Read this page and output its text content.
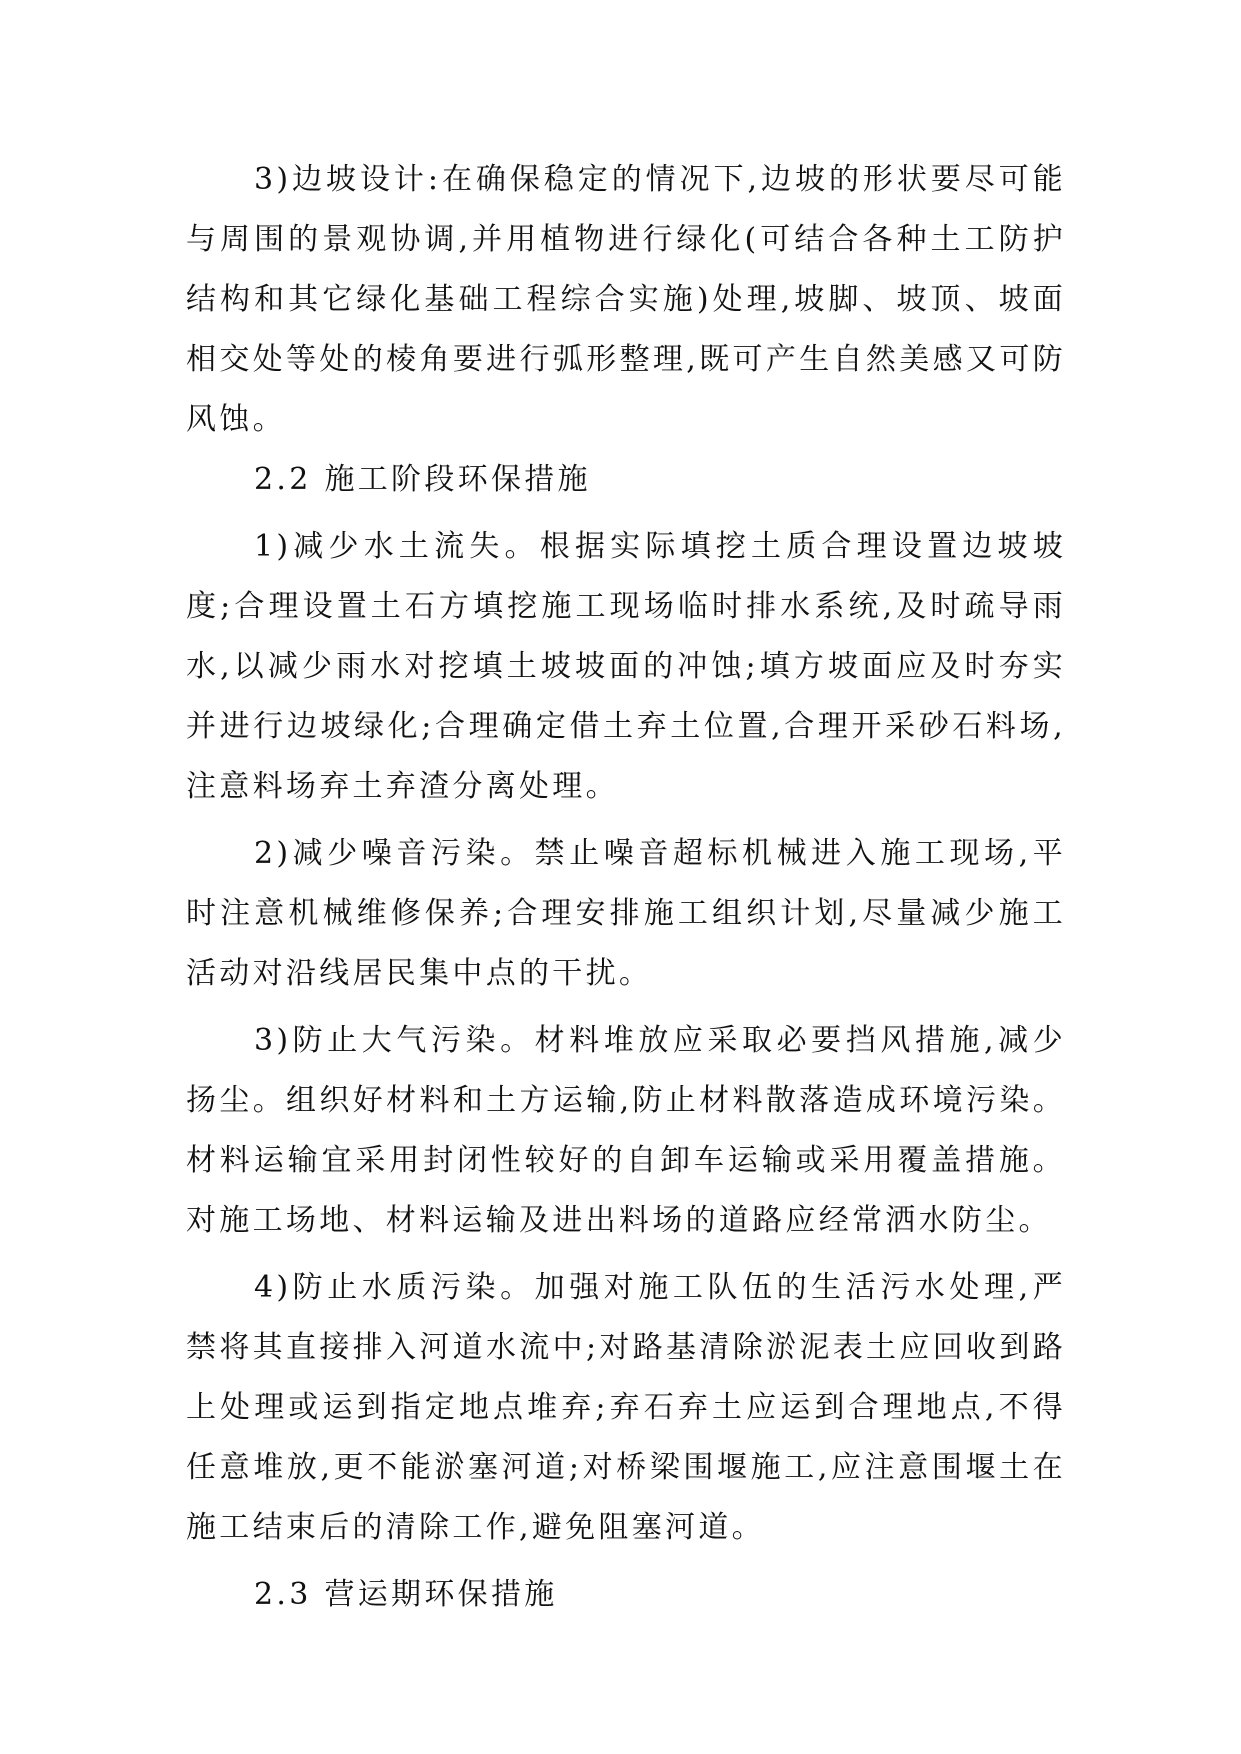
3)边坡设计:在确保稳定的情况下,边坡的形状要尽可能与周围的景观协调,并用植物进行绿化(可结合各种土工防护结构和其它绿化基础工程综合实施)处理,坡脚、坡顶、坡面相交处等处的棱角要进行弧形整理,既可产生自然美感又可防风蚀。

2.2 施工阶段环保措施

1)减少水土流失。根据实际填挖土质合理设置边坡坡度;合理设置土石方填挖施工现场临时排水系统,及时疏导雨水,以减少雨水对挖填土坡坡面的冲蚀;填方坡面应及时夯实并进行边坡绿化;合理确定借土弃土位置,合理开采砂石料场,注意料场弃土弃渣分离处理。

2)减少噪音污染。禁止噪音超标机械进入施工现场,平时注意机械维修保养;合理安排施工组织计划,尽量减少施工活动对沿线居民集中点的干扰。

3)防止大气污染。材料堆放应采取必要挡风措施,减少扬尘。组织好材料和土方运输,防止材料散落造成环境污染。材料运输宜采用封闭性较好的自卸车运输或采用覆盖措施。对施工场地、材料运输及进出料场的道路应经常洒水防尘。

4)防止水质污染。加强对施工队伍的生活污水处理,严禁将其直接排入河道水流中;对路基清除淤泥表土应回收到路上处理或运到指定地点堆弃;弃石弃土应运到合理地点,不得任意堆放,更不能淤塞河道;对桥梁围堰施工,应注意围堰土在施工结束后的清除工作,避免阻塞河道。

2.3 营运期环保措施
